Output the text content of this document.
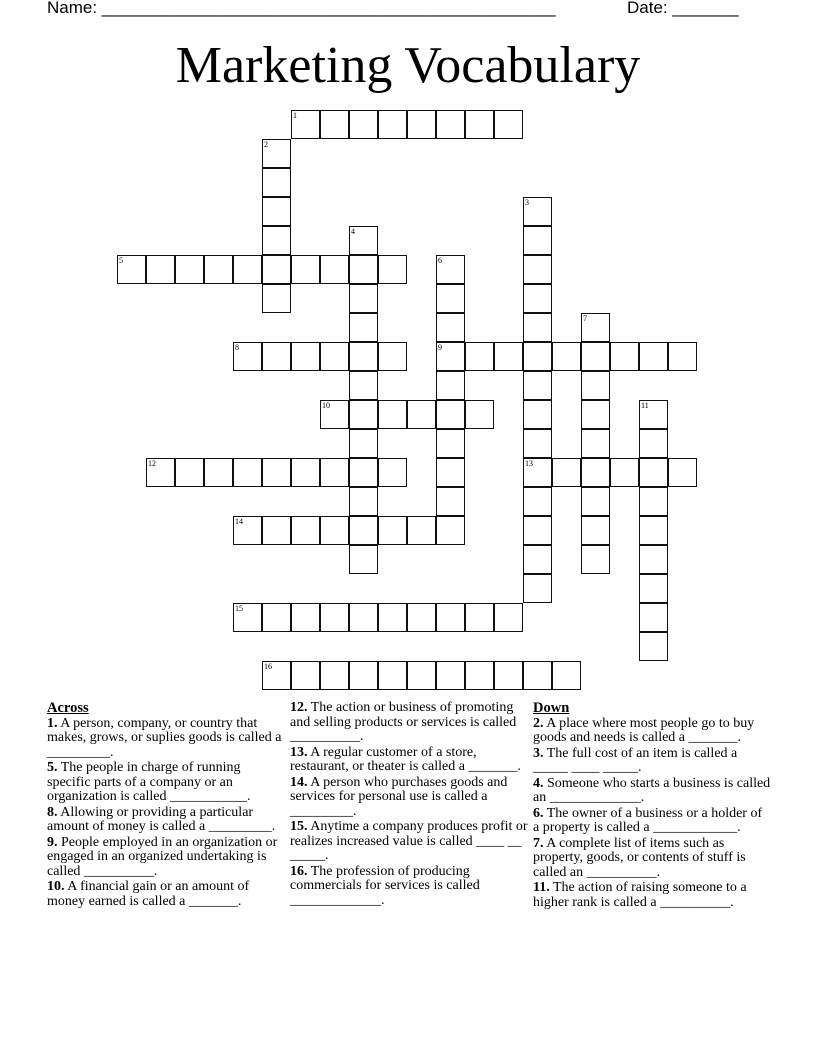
Name: ________________________________________________	Date: _______
Marketing Vocabulary
1
2
3
13
4
5	6
9
7
8
10	11
12
14
15
16
Across
1. A person, company, or country that makes, grows, or suplies goods is called a _________.
5. The people in charge of running specific parts of a company or an organization is called ___________.
8. Allowing or providing a particular amount of money is called a _________.
9. People employed in an organization or engaged in an organized undertaking is called __________.
10. A financial gain or an amount of money earned is called a _______.
12. The action or business of promoting and selling products or services is called __________.
13. A regular customer of a store, restaurant, or theater is called a _______.
14. A person who purchases goods and services for personal use is called a _________.
15. Anytime a company produces profit or realizes increased value is called ____ __ _____.
16. The profession of producing commercials for services is called _____________.
Down
2. A place where most people go to buy goods and needs is called a _______.
3. The full cost of an item is called a _____ ____ _____.
4. Someone who starts a business is called an _____________.
6. The owner of a business or a holder of a property is called a ____________.
7. A complete list of items such as property, goods, or contents of stuff is called an __________.
11. The action of raising someone to a higher rank is called a __________.
